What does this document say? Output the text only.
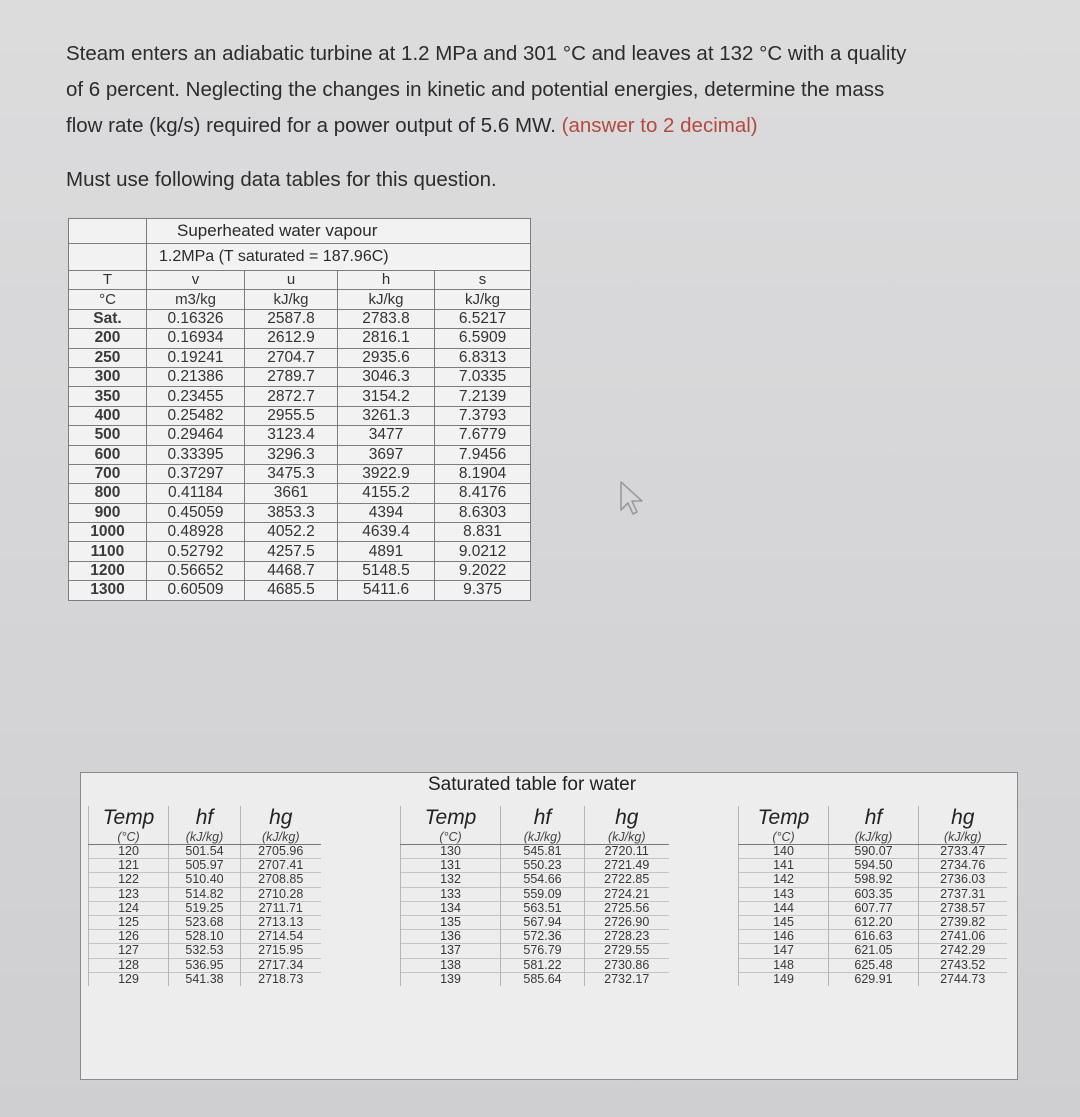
Steam enters an adiabatic turbine at 1.2 MPa and 301 °C and leaves at 132 °C with a quality

of 6 percent. Neglecting the changes in kinetic and potential energies, determine the mass

flow rate (kg/s) required for a power output of 5.6 MW. (answer to 2 decimal)

Must use following data tables for this question.
	Superheated water vapour			
	1.2MPa (T saturated = 187.96C)			
T	v	u	h	s
°C	m3/kg	kJ/kg	kJ/kg	kJ/kg
Sat.	0.16326	2587.8	2783.8	6.5217
200	0.16934	2612.9	2816.1	6.5909
250	0.19241	2704.7	2935.6	6.8313
300	0.21386	2789.7	3046.3	7.0335
350	0.23455	2872.7	3154.2	7.2139
400	0.25482	2955.5	3261.3	7.3793
500	0.29464	3123.4	3477	7.6779
600	0.33395	3296.3	3697	7.9456
700	0.37297	3475.3	3922.9	8.1904
800	0.41184	3661	4155.2	8.4176
900	0.45059	3853.3	4394	8.6303
1000	0.48928	4052.2	4639.4	8.831
1100	0.52792	4257.5	4891	9.0212
1200	0.56652	4468.7	5148.5	9.2022
1300	0.60509	4685.5	5411.6	9.375
Saturated table for water
Temp	hf	hg
(°C)	(kJ/kg)	(kJ/kg)
120	501.54	2705.96
121	505.97	2707.41
122	510.40	2708.85
123	514.82	2710.28
124	519.25	2711.71
125	523.68	2713.13
126	528.10	2714.54
127	532.53	2715.95
128	536.95	2717.34
129	541.38	2718.73
Temp	hf	hg
(°C)	(kJ/kg)	(kJ/kg)
130	545.81	2720.11
131	550.23	2721.49
132	554.66	2722.85
133	559.09	2724.21
134	563.51	2725.56
135	567.94	2726.90
136	572.36	2728.23
137	576.79	2729.55
138	581.22	2730.86
139	585.64	2732.17
Temp	hf	hg
(°C)	(kJ/kg)	(kJ/kg)
140	590.07	2733.47
141	594.50	2734.76
142	598.92	2736.03
143	603.35	2737.31
144	607.77	2738.57
145	612.20	2739.82
146	616.63	2741.06
147	621.05	2742.29
148	625.48	2743.52
149	629.91	2744.73
